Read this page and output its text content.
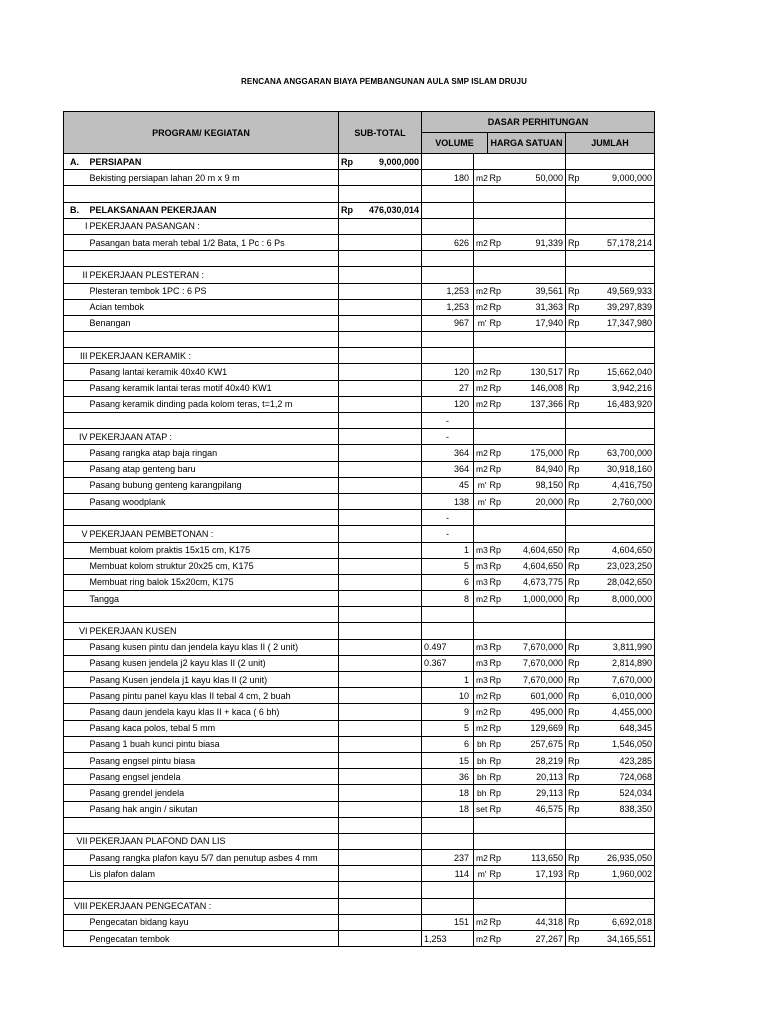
RENCANA ANGGARAN BIAYA PEMBANGUNAN AULA SMP ISLAM DRUJU
PROGRAM/ KEGIATAN		SUB-TOTAL	DASAR PERHITUNGAN					
			VOLUME		HARGA SATUAN		JUMLAH	
A.	PERSIAPAN	Rp 9,000,000						

	Bekisting persiapan lahan 20 m x 9 m		180	m2	Rp	50,000	Rp	9,000,000

B.	PELAKSANAAN PEKERJAAN	Rp 476,030,014						

I	PEKERJAAN PASANGAN :							
	Pasangan bata merah tebal 1/2 Bata, 1 Pc : 6 Ps		626	m2	Rp	91,339	Rp	57,178,214

II	PEKERJAAN PLESTERAN :							
	Plesteran tembok 1PC : 6 PS		1,253	m2	Rp	39,561	Rp	49,569,933
	Acian tembok		1,253	m2	Rp	31,363	Rp	39,297,839
	Benangan		967	m'	Rp	17,940	Rp	17,347,980

III	PEKERJAAN KERAMIK :							
	Pasang lantai keramik 40x40 KW1		120	m2	Rp	130,517	Rp	15,662,040
	Pasang keramik lantai teras motif 40x40 KW1		27	m2	Rp	146,008	Rp	3,942,216
	Pasang keramik dinding pada kolom teras, t=1,2 m		120	m2	Rp	137,366	Rp	16,483,920
			-					
IV	PEKERJAAN ATAP :		-					
	Pasang rangka atap baja ringan		364	m2	Rp	175,000	Rp	63,700,000
	Pasang atap genteng baru		364	m2	Rp	84,940	Rp	30,918,160
	Pasang bubung genteng karangpilang		45	m'	Rp	98,150	Rp	4,416,750
	Pasang woodplank		138	m'	Rp	20,000	Rp	2,760,000
			-					
V	PEKERJAAN PEMBETONAN :		-					
	Membuat kolom praktis 15x15 cm, K175		1	m3	Rp	4,604,650	Rp	4,604,650
	Membuat kolom struktur 20x25 cm, K175		5	m3	Rp	4,604,650	Rp	23,023,250
	Membuat ring balok 15x20cm, K175		6	m3	Rp	4,673,775	Rp	28,042,650
	Tangga		8	m2	Rp	1,000,000	Rp	8,000,000

VI	PEKERJAAN KUSEN							
	Pasang kusen pintu dan jendela kayu klas II ( 2 unit)		0.497	m3	Rp	7,670,000	Rp	3,811,990
	Pasang kusen jendela j2 kayu klas II (2 unit)		0.367	m3	Rp	7,670,000	Rp	2,814,890
	Pasang Kusen jendela j1 kayu klas II (2 unit)		1	m3	Rp	7,670,000	Rp	7,670,000
	Pasang pintu panel kayu klas II tebal 4 cm, 2 buah		10	m2	Rp	601,000	Rp	6,010,000
	Pasang daun jendela kayu klas II + kaca ( 6 bh)		9	m2	Rp	495,000	Rp	4,455,000
	Pasang kaca polos, tebal 5 mm		5	m2	Rp	129,669	Rp	648,345
	Pasang 1 buah kunci pintu biasa		6	bh	Rp	257,675	Rp	1,546,050
	Pasang engsel pintu biasa		15	bh	Rp	28,219	Rp	423,285
	Pasang engsel jendela		36	bh	Rp	20,113	Rp	724,068
	Pasang grendel jendela		18	bh	Rp	29,113	Rp	524,034
	Pasang hak angin / sikutan		18	set	Rp	46,575	Rp	838,350

VII	PEKERJAAN PLAFOND DAN LIS							
	Pasang rangka plafon kayu 5/7 dan penutup asbes 4 mm		237	m2	Rp	113,650	Rp	26,935,050
	Lis plafon dalam		114	m'	Rp	17,193	Rp	1,960,002

VIII	PEKERJAAN PENGECATAN :							
	Pengecatan bidang kayu		151	m2	Rp	44,318	Rp	6,692,018
	Pengecatan tembok		1,253	m2	Rp	27,267	Rp	34,165,551
